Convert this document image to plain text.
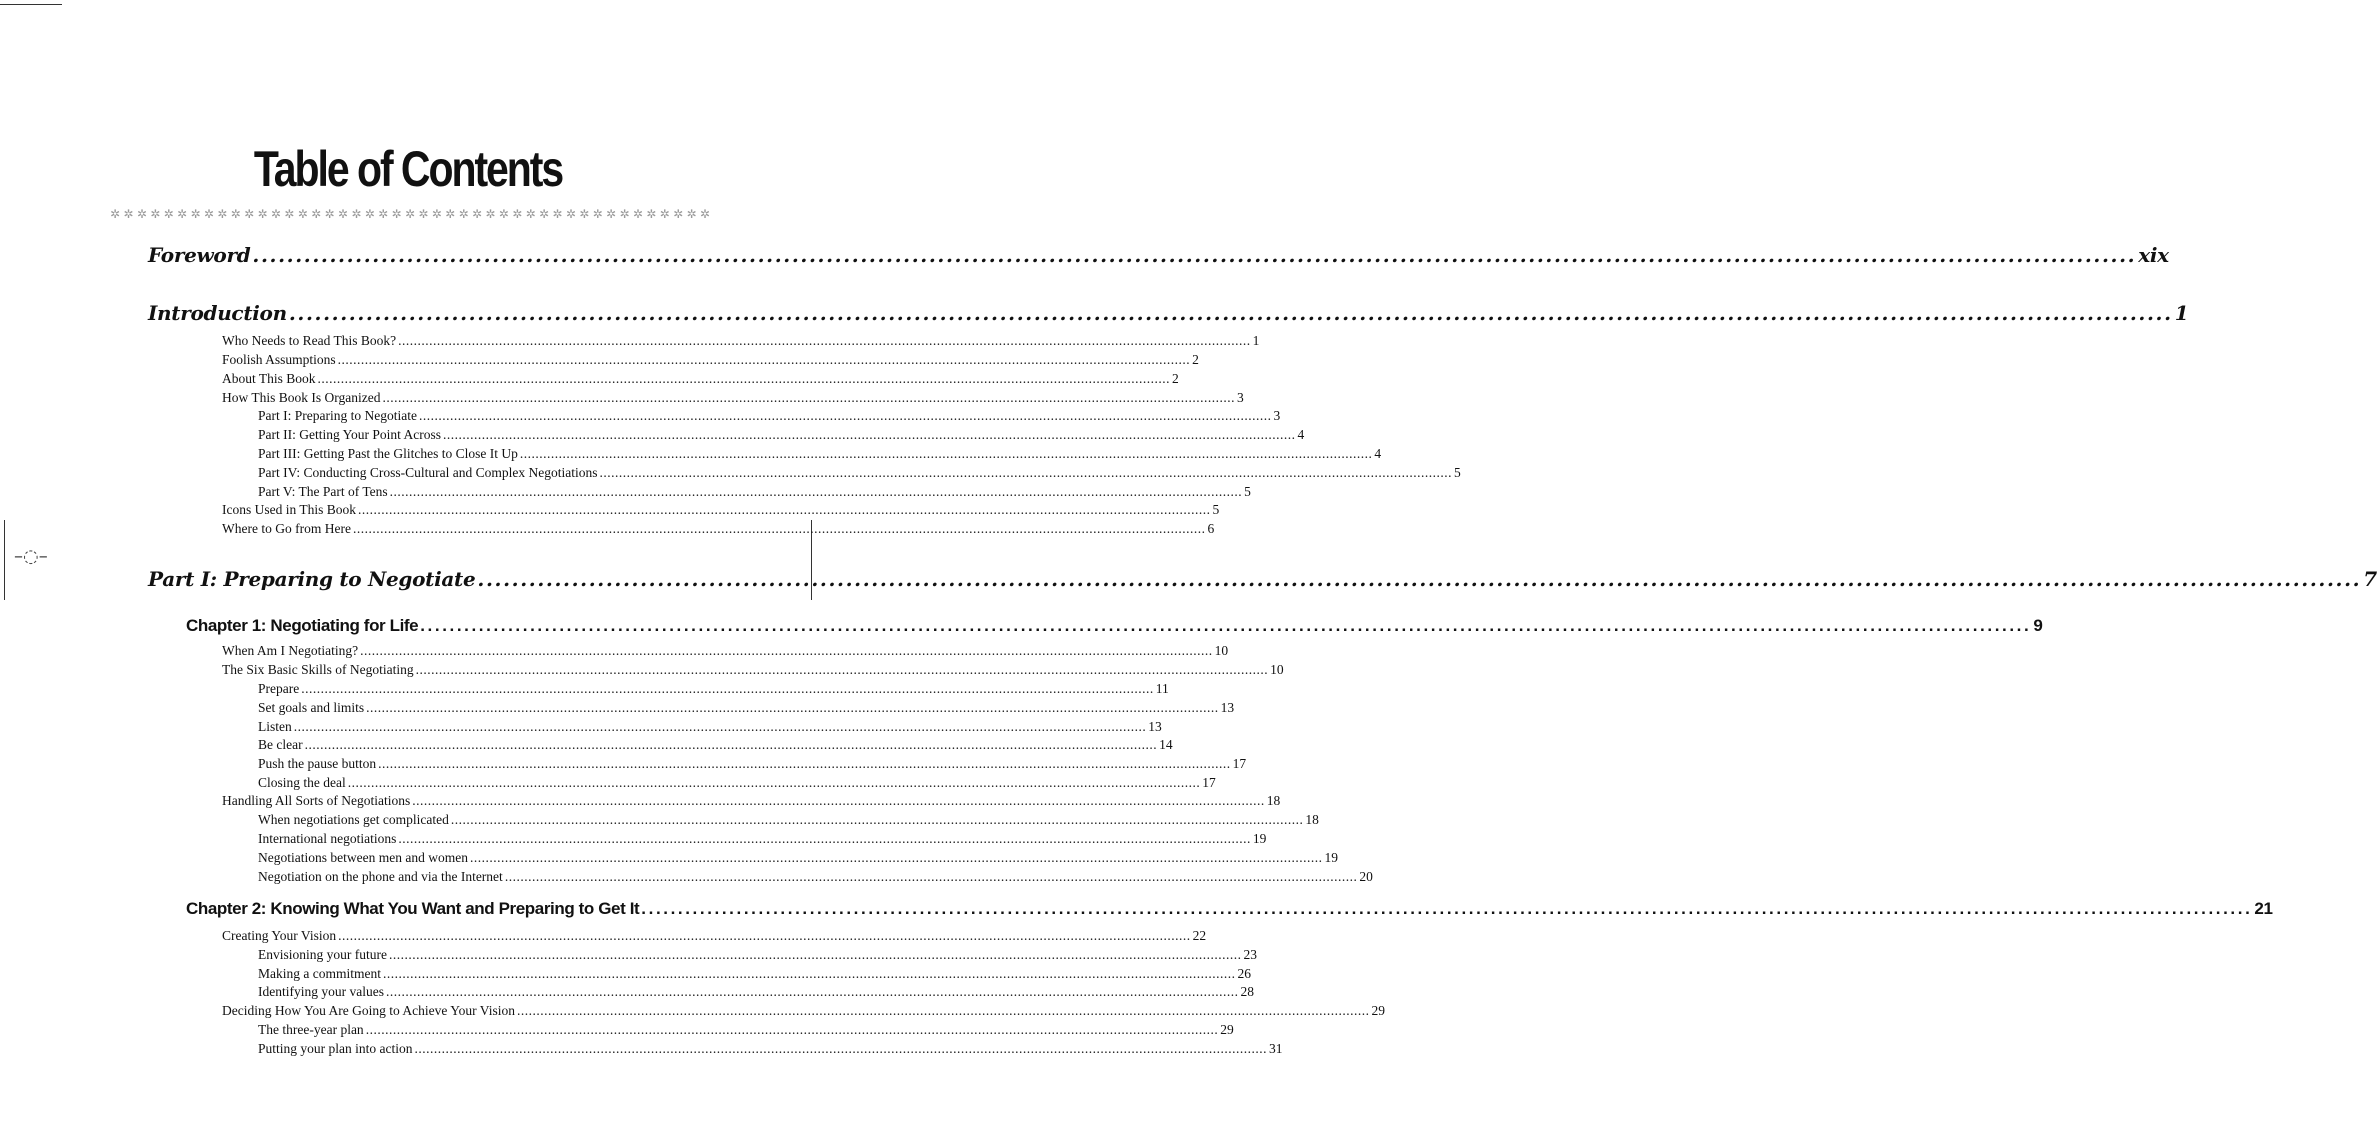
–◌–
Table of Contents
✲ ✲ ✲ ✲ ✲ ✲ ✲ ✲ ✲ ✲ ✲ ✲ ✲ ✲ ✲ ✲ ✲ ✲ ✲ ✲ ✲ ✲ ✲ ✲ ✲ ✲ ✲ ✲ ✲ ✲ ✲ ✲ ✲ ✲ ✲ ✲ ✲ ✲ ✲ ✲ ✲ ✲ ✲ ✲ ✲
Foreword ............................................................................................................................................................................................................................ xix
Introduction ............................................................................................................................................................................................................................ 1
Who Needs to Read This Book? ............................................................................................................................................................................................................................ 1
Foolish Assumptions ............................................................................................................................................................................................................................ 2
About This Book ............................................................................................................................................................................................................................ 2
How This Book Is Organized ............................................................................................................................................................................................................................ 3
Part I: Preparing to Negotiate ............................................................................................................................................................................................................................ 3
Part II: Getting Your Point Across ............................................................................................................................................................................................................................ 4
Part III: Getting Past the Glitches to Close It Up ............................................................................................................................................................................................................................ 4
Part IV: Conducting Cross-Cultural and Complex Negotiations ............................................................................................................................................................................................................................ 5
Part V: The Part of Tens ............................................................................................................................................................................................................................ 5
Icons Used in This Book ............................................................................................................................................................................................................................ 5
Where to Go from Here ............................................................................................................................................................................................................................ 6
Part I: Preparing to Negotiate ............................................................................................................................................................................................................................ 7
Chapter 1: Negotiating for Life ............................................................................................................................................................................................................................ 9
When Am I Negotiating? ............................................................................................................................................................................................................................ 10
The Six Basic Skills of Negotiating ............................................................................................................................................................................................................................ 10
Prepare ............................................................................................................................................................................................................................ 11
Set goals and limits ............................................................................................................................................................................................................................ 13
Listen ............................................................................................................................................................................................................................ 13
Be clear ............................................................................................................................................................................................................................ 14
Push the pause button ............................................................................................................................................................................................................................ 17
Closing the deal ............................................................................................................................................................................................................................ 17
Handling All Sorts of Negotiations ............................................................................................................................................................................................................................ 18
When negotiations get complicated ............................................................................................................................................................................................................................ 18
International negotiations ............................................................................................................................................................................................................................ 19
Negotiations between men and women ............................................................................................................................................................................................................................ 19
Negotiation on the phone and via the Internet ............................................................................................................................................................................................................................ 20
Chapter 2: Knowing What You Want and Preparing to Get It ............................................................................................................................................................................................................................ 21
Creating Your Vision ............................................................................................................................................................................................................................ 22
Envisioning your future ............................................................................................................................................................................................................................ 23
Making a commitment ............................................................................................................................................................................................................................ 26
Identifying your values ............................................................................................................................................................................................................................ 28
Deciding How You Are Going to Achieve Your Vision ............................................................................................................................................................................................................................ 29
The three-year plan ............................................................................................................................................................................................................................ 29
Putting your plan into action ............................................................................................................................................................................................................................ 31
